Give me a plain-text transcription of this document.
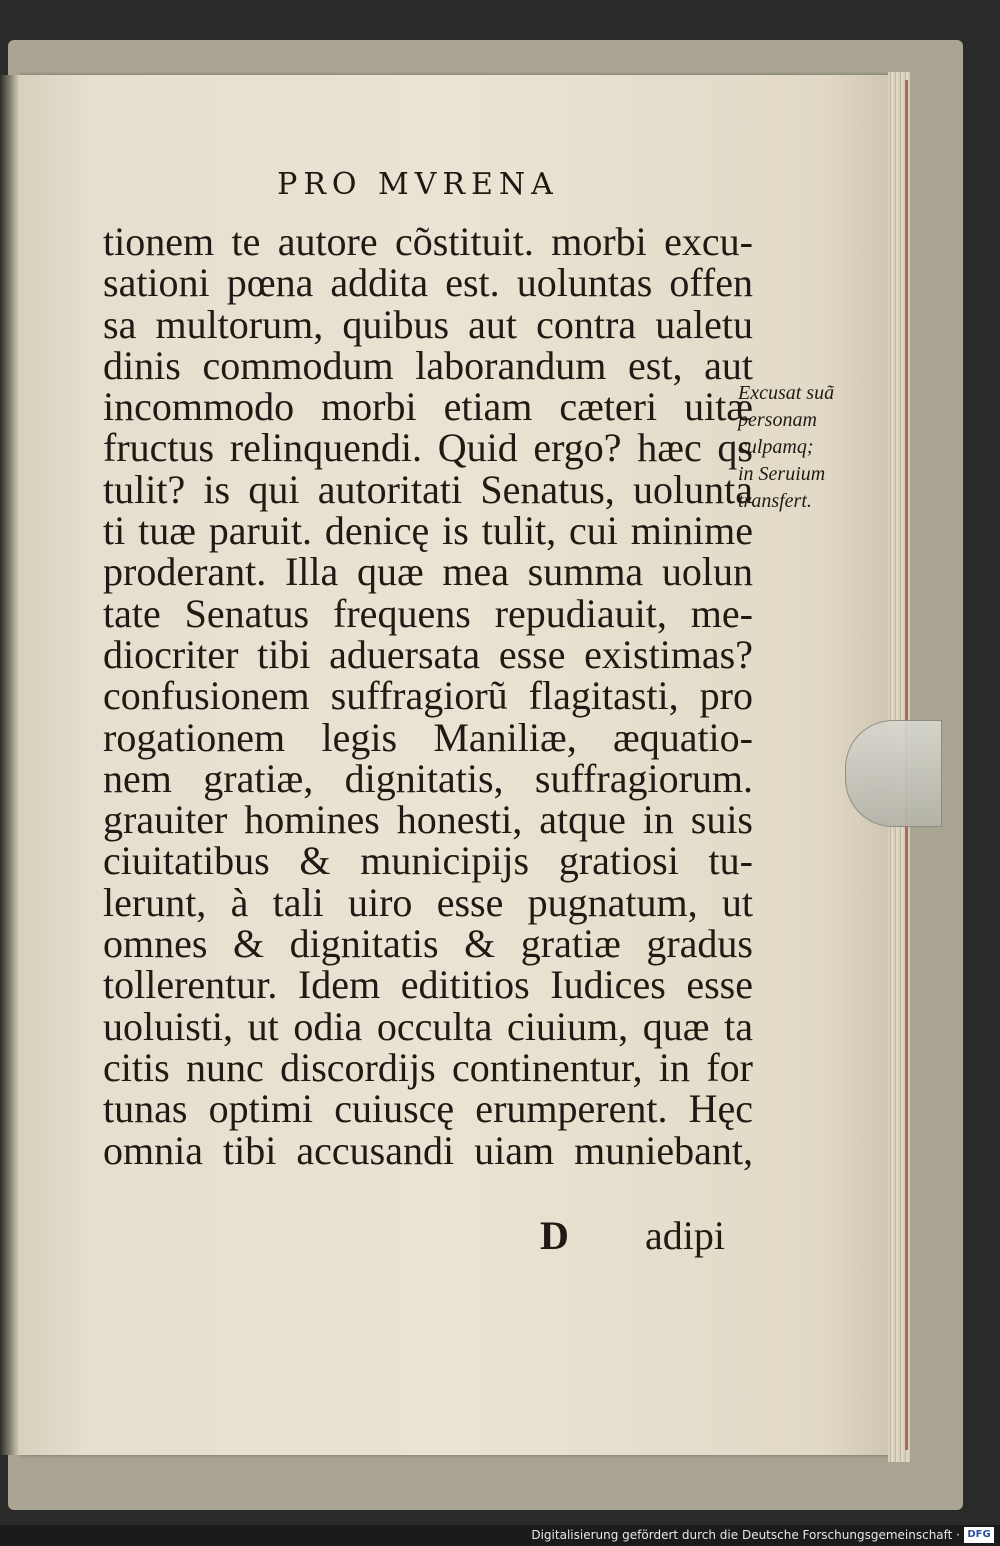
PRO MVRENA
tionem te autore cõstituit. morbi excu-
sationi pœna addita est. uoluntas offen
sa multorum, quibus aut contra ualetu
dinis commodum laborandum est, aut
incommodo morbi etiam cæteri uitæ
fructus relinquendi. Quid ergo? hæc qs
tulit? is qui autoritati Senatus, uolunta
ti tuæ paruit. denicę is tulit, cui minime
proderant. Illa quæ mea summa uolun
tate Senatus frequens repudiauit, me-
diocriter tibi aduersata esse existimas?
confusionem suffragiorũ flagitasti, pro
rogationem legis Maniliæ, æquatio-
nem gratiæ, dignitatis, suffragiorum.
grauiter homines honesti, atque in suis
ciuitatibus & municipijs gratiosi tu-
lerunt, à tali uiro esse pugnatum, ut
omnes & dignitatis & gratiæ gradus
tollerentur. Idem edititios Iudices esse
uoluisti, ut odia occulta ciuium, quæ ta
citis nunc discordijs continentur, in for
tunas optimi cuiuscę erumperent. Hęc
omnia tibi accusandi uiam muniebant,
Excusat suã
personam
culpamq;
in Seruium
transfert.
D adipi
Digitalisierung gefördert durch die Deutsche Forschungsgemeinschaft · DFG
